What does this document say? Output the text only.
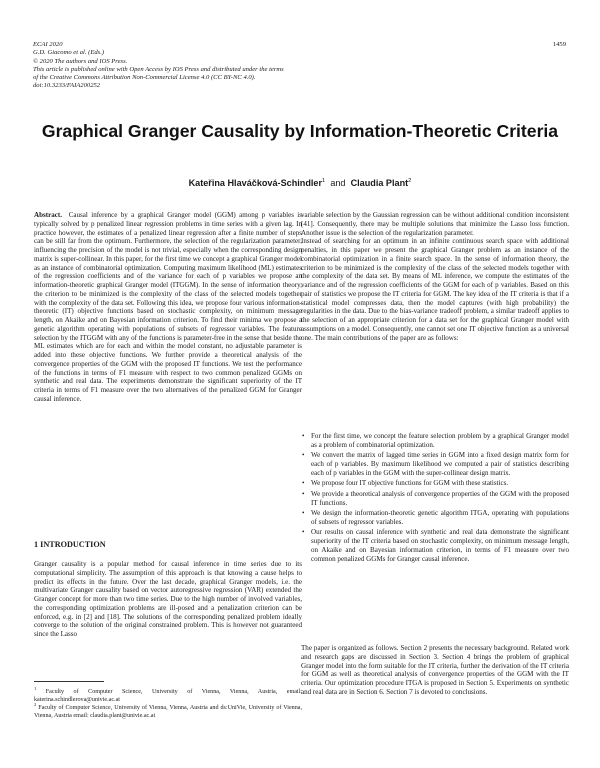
ECAI 2020
G.D. Giacomo et al. (Eds.)
© 2020 The authors and IOS Press.
This article is published online with Open Access by IOS Press and distributed under the terms
of the Creative Commons Attribution Non-Commercial License 4.0 (CC BY-NC 4.0).
doi:10.3233/FAIA200252
1459
Graphical Granger Causality by Information-Theoretic Criteria
Kateřina Hlaváčková-Schindler$^1$ and Claudia Plant$^2$

Abstract. Causal inference by a graphical Granger model (GGM) among p variables is typically solved by p penalized linear regression problems in time series with a given lag. In practice however, the estimates of a penalized linear regression after a finite number of steps can be still far from the optimum. Furthermore, the selection of the regularization parameter, influencing the precision of the model is not trivial, especially when the corresponding design matrix is super-collinear. In this paper, for the first time we concept a graphical Granger model as an instance of combinatorial optimization. Computing maximum likelihood (ML) estimates of the regression coefficients and of the variance for each of p variables we propose an information-theoretic graphical Granger model (ITGGM). In the sense of information theory, the criterion to be minimized is the complexity of the class of the selected models together with the complexity of the data set. Following this idea, we propose four various information-theoretic (IT) objective functions based on stochastic complexity, on minimum message length, on Akaike and on Bayesian information criterion. To find their minima we propose a genetic algorithm operating with populations of subsets of regressor variables. The feature selection by the ITGGM with any of the functions is parameter-free in the sense that beside the ML estimates which are for each and within the model constant, no adjustable parameter is added into these objective functions. We further provide a theoretical analysis of the convergence properties of the GGM with the proposed IT functions. We test the performance of the functions in terms of F1 measure with respect to two common penalized GGMs on synthetic and real data. The experiments demonstrate the significant superiority of the IT criteria in terms of F1 measure over the two alternatives of the penalized GGM for Granger causal inference.

1 INTRODUCTION
Granger causality is a popular method for causal inference in time series due to its computational simplicity. The assumption of this approach is that knowing a cause helps to predict its effects in the future. Over the last decade, graphical Granger models, i.e. the multivariate Granger causality based on vector autoregressive regression (VAR) extended the Granger concept for more than two time series. Due to the high number of involved variables, the corresponding optimization problems are ill-posed and a penalization criterion can be enforced, e.g. in [2] and [18]. The solutions of the corresponding penalized problem ideally converge to the solution of the original constrained problem. This is however not guaranteed since the Lasso
$^1$ Faculty of Computer Science, University of Vienna, Vienna, Austria, email: katerina.schindlerova@univie.ac.at
$^2$ Faculty of Computer Science, University of Vienna, Vienna, Austria and ds:UniVie, University of Vienna, Vienna, Austria email: claudia.plant@univie.ac.at

variable selection by the Gaussian regression can be without additional condition inconsistent [41]. Consequently, there may be multiple solutions that minimize the Lasso loss function. Another issue is the selection of the regularization parameter.

Instead of searching for an optimum in an infinite continuous search space with additional penalties, in this paper we present the graphical Granger problem as an instance of the combinatorial optimization in a finite search space. In the sense of information theory, the criterion to be minimized is the complexity of the class of the selected models together with the complexity of the data set. By means of ML inference, we compute the estimates of the variance and of the regression coefficients of the GGM for each of p variables. Based on this pair of statistics we propose the IT criteria for GGM. The key idea of the IT criteria is that if a statistical model compresses data, then the model captures (with high probability) the regularities in the data. Due to the bias-variance tradeoff problem, a similar tradeoff applies to the selection of an appropriate criterion for a data set for the graphical Granger model with assumptions on a model. Consequently, one cannot set one IT objective function as a universal one. The main contributions of the paper are as follows:

• For the first time, we concept the feature selection problem by a graphical Granger model as a problem of combinatorial optimization.
• We convert the matrix of lagged time series in GGM into a fixed design matrix form for each of p variables. By maximum likelihood we computed a pair of statistics describing each of p variables in the GGM with the super-collinear design matrix.
• We propose four IT objective functions for GGM with these statistics.
• We provide a theoretical analysis of convergence properties of the GGM with the proposed IT functions.
• We design the information-theoretic genetic algorithm ITGA, operating with populations of subsets of regressor variables.
• Our results on causal inference with synthetic and real data demonstrate the significant superiority of the IT criteria based on stochastic complexity, on minimum message length, on Akaike and on Bayesian information criterion, in terms of F1 measure over two common penalized GGMs for Granger causal inference.
The paper is organized as follows. Section 2 presents the necessary background. Related work and research gaps are discussed in Section 3. Section 4 brings the problem of graphical Granger model into the form suitable for the IT criteria, further the derivation of the IT criteria for GGM as well as theoretical analysis of convergence properties of the GGM with the IT criteria. Our optimization procedure ITGA is proposed in Section 5. Experiments on synthetic and real data are in Section 6. Section 7 is devoted to conclusions.
